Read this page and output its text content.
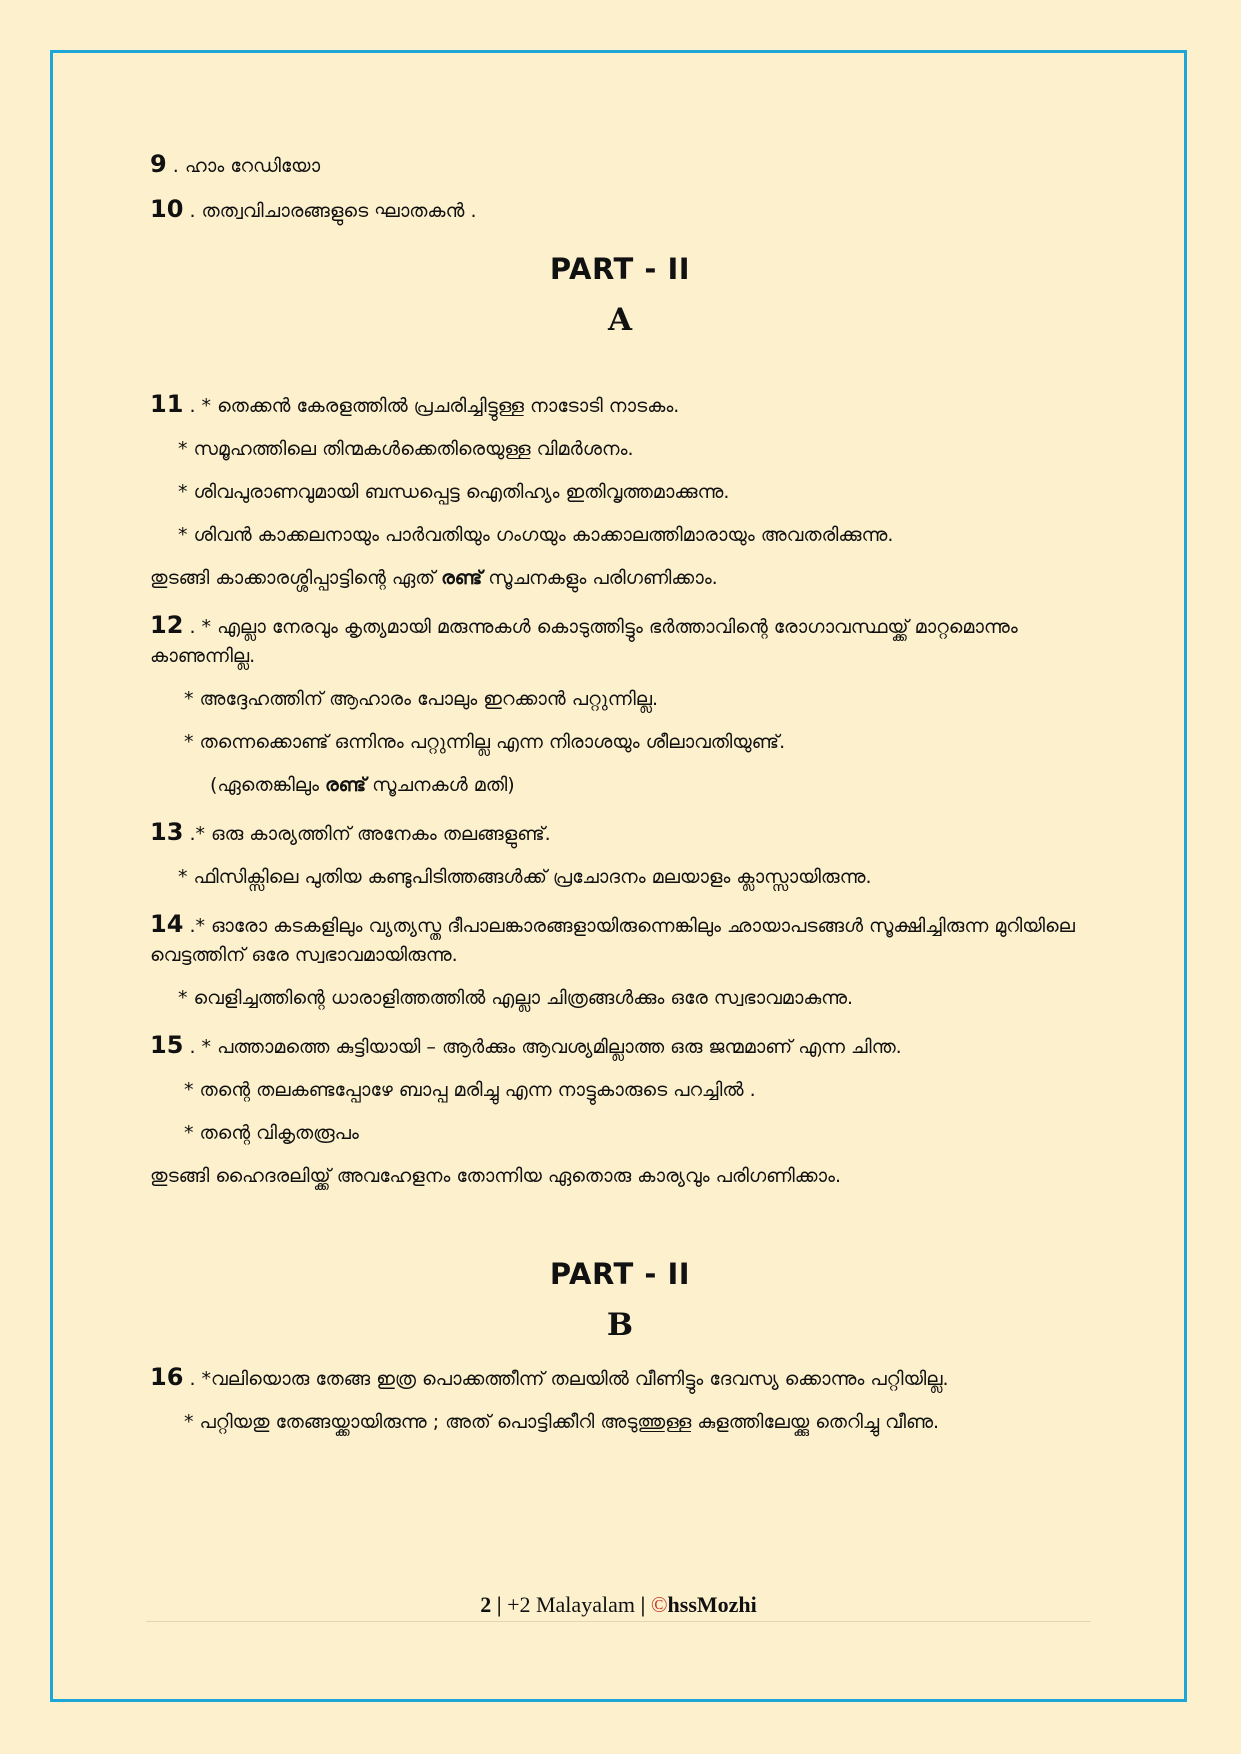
9 . ഹാം റേഡിയോ

10 . തത്വവിചാരങ്ങളുടെ ഘാതകൻ .

PART - II

A

11 . * തെക്കൻ കേരളത്തിൽ പ്രചരിച്ചിട്ടുള്ള നാടോടി നാടകം.

* സമൂഹത്തിലെ തിന്മകൾക്കെതിരെയുള്ള വിമർശനം.

* ശിവപുരാണവുമായി ബന്ധപ്പെട്ട ഐതിഹ്യം ഇതിവൃത്തമാക്കുന്നു.

* ശിവൻ കാക്കലനായും പാർവതിയും ഗംഗയും കാക്കാലത്തിമാരായും അവതരിക്കുന്നു.

തുടങ്ങി കാക്കാരശ്ശിപ്പാട്ടിന്റെ ഏത് രണ്ട് സൂചനകളും പരിഗണിക്കാം.

12 . * എല്ലാ നേരവും കൃത്യമായി മരുന്നുകൾ കൊടുത്തിട്ടും ഭർത്താവിന്റെ രോഗാവസ്ഥയ്ക്ക് മാറ്റമൊന്നും കാണുന്നില്ല.

* അദ്ദേഹത്തിന് ആഹാരം പോലും ഇറക്കാൻ പറ്റുന്നില്ല.

* തന്നെക്കൊണ്ട് ഒന്നിനും പറ്റുന്നില്ല എന്ന നിരാശയും ശീലാവതിയുണ്ട്.

(ഏതെങ്കിലും രണ്ട് സൂചനകൾ മതി)

13 .* ഒരു കാര്യത്തിന് അനേകം തലങ്ങളുണ്ട്.

* ഫിസിക്സിലെ പുതിയ കണ്ടുപിടിത്തങ്ങൾക്ക് പ്രചോദനം മലയാളം ക്ലാസ്സായിരുന്നു.

14 .* ഓരോ കടകളിലും വ്യത്യസ്ത ദീപാലങ്കാരങ്ങളായിരുന്നെങ്കിലും ഛായാപടങ്ങൾ സൂക്ഷിച്ചിരുന്ന മുറിയിലെ വെട്ടത്തിന് ഒരേ സ്വഭാവമായിരുന്നു.

* വെളിച്ചത്തിന്റെ ധാരാളിത്തത്തിൽ എല്ലാ ചിത്രങ്ങൾക്കും ഒരേ സ്വഭാവമാകുന്നു.

15 . * പത്താമത്തെ കുട്ടിയായി – ആർക്കും ആവശ്യമില്ലാത്ത ഒരു ജന്മമാണ് എന്ന ചിന്ത.

* തന്റെ തലകണ്ടപ്പോഴേ ബാപ്പ മരിച്ചു എന്ന നാട്ടുകാരുടെ പറച്ചിൽ .

* തന്റെ വികൃതരൂപം

തുടങ്ങി ഹൈദരലിയ്ക്ക് അവഹേളനം തോന്നിയ ഏതൊരു കാര്യവും പരിഗണിക്കാം.

PART - II

B

16 . *വലിയൊരു തേങ്ങ ഇത്ര പൊക്കത്തീന്ന് തലയിൽ വീണിട്ടും ദേവസ്യ ക്കൊന്നും പറ്റിയില്ല.

* പറ്റിയതു തേങ്ങയ്ക്കായിരുന്നു ; അത് പൊട്ടിക്കീറി അടുത്തുള്ള കുളത്തിലേയ്ക്കു തെറിച്ചു വീണു.

2 | +2 Malayalam | ©hssMozhi
